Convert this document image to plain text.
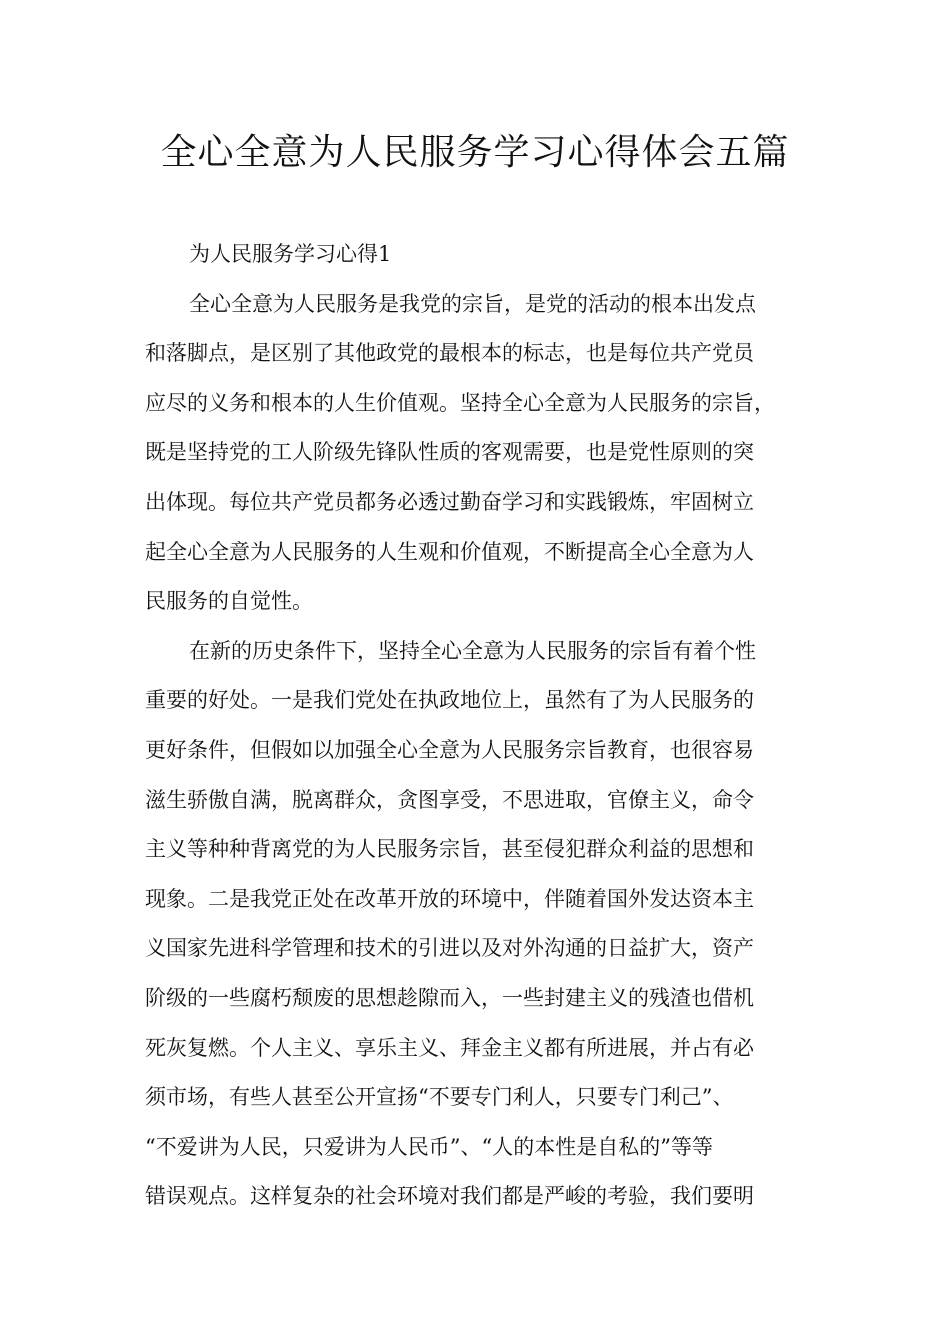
全心全意为人民服务学习心得体会五篇
为人民服务学习心得1
全心全意为人民服务是我党的宗旨，是党的活动的根本出发点
和落脚点，是区别了其他政党的最根本的标志，也是每位共产党员
应尽的义务和根本的人生价值观。坚持全心全意为人民服务的宗旨，
既是坚持党的工人阶级先锋队性质的客观需要，也是党性原则的突
出体现。每位共产党员都务必透过勤奋学习和实践锻炼，牢固树立
起全心全意为人民服务的人生观和价值观，不断提高全心全意为人
民服务的自觉性。
在新的历史条件下，坚持全心全意为人民服务的宗旨有着个性
重要的好处。一是我们党处在执政地位上，虽然有了为人民服务的
更好条件，但假如以加强全心全意为人民服务宗旨教育，也很容易
滋生骄傲自满，脱离群众，贪图享受，不思进取，官僚主义，命令
主义等种种背离党的为人民服务宗旨，甚至侵犯群众利益的思想和
现象。二是我党正处在改革开放的环境中，伴随着国外发达资本主
义国家先进科学管理和技术的引进以及对外沟通的日益扩大，资产
阶级的一些腐朽颓废的思想趁隙而入，一些封建主义的残渣也借机
死灰复燃。个人主义、享乐主义、拜金主义都有所进展，并占有必
须市场，有些人甚至公开宣扬“不要专门利人，只要专门利己”、
“不爱讲为人民，只爱讲为人民币”、“人的本性是自私的”等等
错误观点。这样复杂的社会环境对我们都是严峻的考验，我们要明
